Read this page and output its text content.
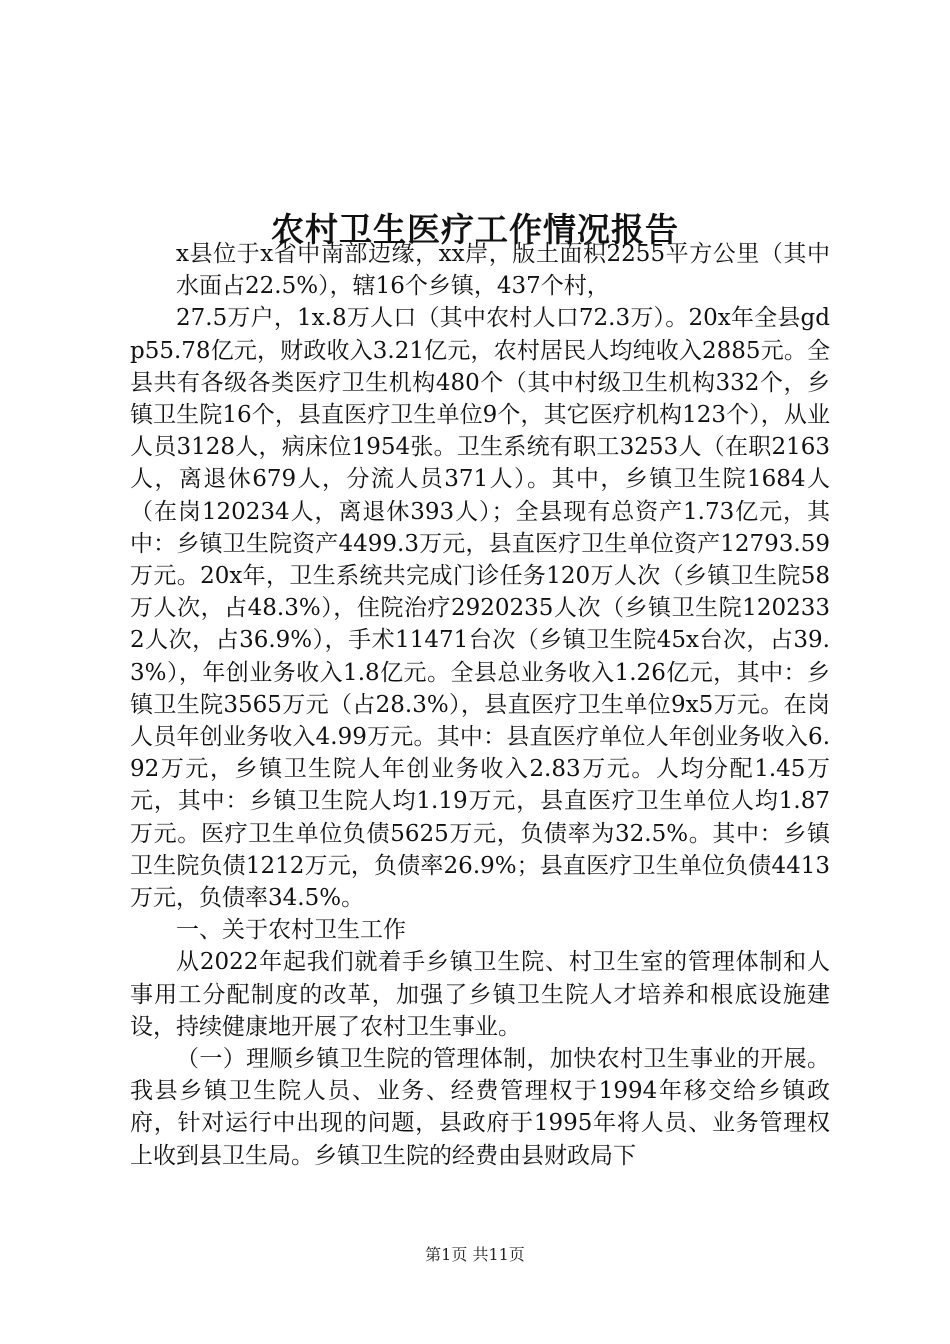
农村卫生医疗工作情况报告

x县位于x省中南部边缘，xx岸，版土面积2255平方公里（其中水面占22.5%），辖16个乡镇，437个村，

27.5万户，1x.8万人口（其中农村人口72.3万）。20x年全县gdp55.78亿元，财政收入3.21亿元，农村居民人均纯收入2885元。全县共有各级各类医疗卫生机构480个（其中村级卫生机构332个，乡镇卫生院16个，县直医疗卫生单位9个，其它医疗机构123个），从业人员3128人，病床位1954张。卫生系统有职工3253人（在职2163人，离退休679人，分流人员371人）。其中，乡镇卫生院1684人（在岗120234人，离退休393人）；全县现有总资产1.73亿元，其中：乡镇卫生院资产4499.3万元，县直医疗卫生单位资产12793.59万元。20x年，卫生系统共完成门诊任务120万人次（乡镇卫生院58万人次，占48.3%），住院治疗2920235人次（乡镇卫生院1202332人次，占36.9%），手术11471台次（乡镇卫生院45x台次，占39.3%），年创业务收入1.8亿元。全县总业务收入1.26亿元，其中：乡镇卫生院3565万元（占28.3%），县直医疗卫生单位9x5万元。在岗人员年创业务收入4.99万元。其中：县直医疗单位人年创业务收入6.92万元，乡镇卫生院人年创业务收入2.83万元。人均分配1.45万元，其中：乡镇卫生院人均1.19万元，县直医疗卫生单位人均1.87万元。医疗卫生单位负债5625万元，负债率为32.5%。其中：乡镇卫生院负债1212万元，负债率26.9%；县直医疗卫生单位负债4413万元，负债率34.5%。

一、关于农村卫生工作

从2022年起我们就着手乡镇卫生院、村卫生室的管理体制和人事用工分配制度的改革，加强了乡镇卫生院人才培养和根底设施建设，持续健康地开展了农村卫生事业。

（一）理顺乡镇卫生院的管理体制，加快农村卫生事业的开展。我县乡镇卫生院人员、业务、经费管理权于1994年移交给乡镇政府，针对运行中出现的问题，县政府于1995年将人员、业务管理权上收到县卫生局。乡镇卫生院的经费由县财政局下

第1页 共11页
